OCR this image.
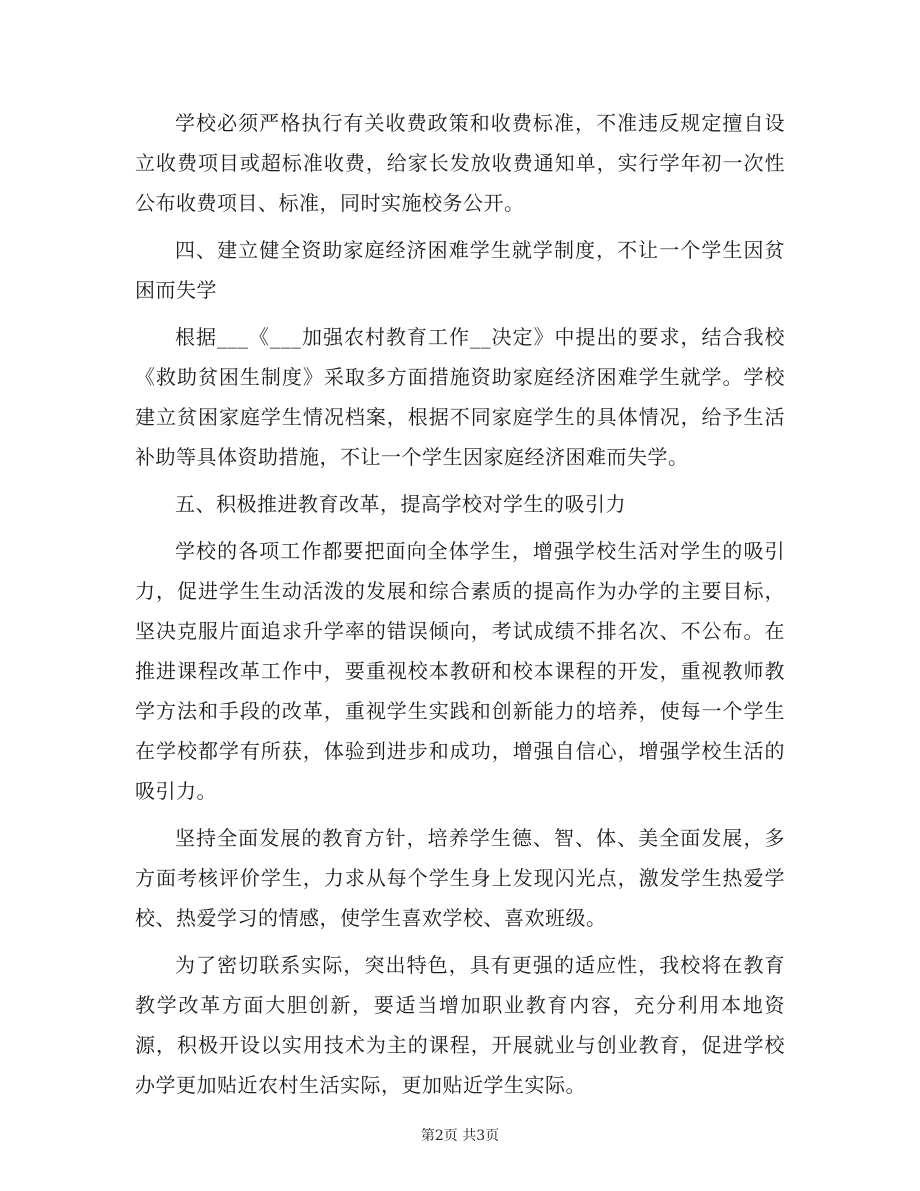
学校必须严格执行有关收费政策和收费标准，不准违反规定擅自设立收费项目或超标准收费，给家长发放收费通知单，实行学年初一次性公布收费项目、标准，同时实施校务公开。

四、建立健全资助家庭经济困难学生就学制度，不让一个学生因贫困而失学

根据___《___加强农村教育工作__决定》中提出的要求，结合我校《救助贫困生制度》采取多方面措施资助家庭经济困难学生就学。学校建立贫困家庭学生情况档案，根据不同家庭学生的具体情况，给予生活补助等具体资助措施，不让一个学生因家庭经济困难而失学。

五、积极推进教育改革，提高学校对学生的吸引力

学校的各项工作都要把面向全体学生，增强学校生活对学生的吸引力，促进学生生动活泼的发展和综合素质的提高作为办学的主要目标，坚决克服片面追求升学率的错误倾向，考试成绩不排名次、不公布。在推进课程改革工作中，要重视校本教研和校本课程的开发，重视教师教学方法和手段的改革，重视学生实践和创新能力的培养，使每一个学生在学校都学有所获，体验到进步和成功，增强自信心，增强学校生活的吸引力。

坚持全面发展的教育方针，培养学生德、智、体、美全面发展，多方面考核评价学生，力求从每个学生身上发现闪光点，激发学生热爱学校、热爱学习的情感，使学生喜欢学校、喜欢班级。

为了密切联系实际，突出特色，具有更强的适应性，我校将在教育教学改革方面大胆创新，要适当增加职业教育内容，充分利用本地资源，积极开设以实用技术为主的课程，开展就业与创业教育，促进学校办学更加贴近农村生活实际，更加贴近学生实际。

第2页 共3页
